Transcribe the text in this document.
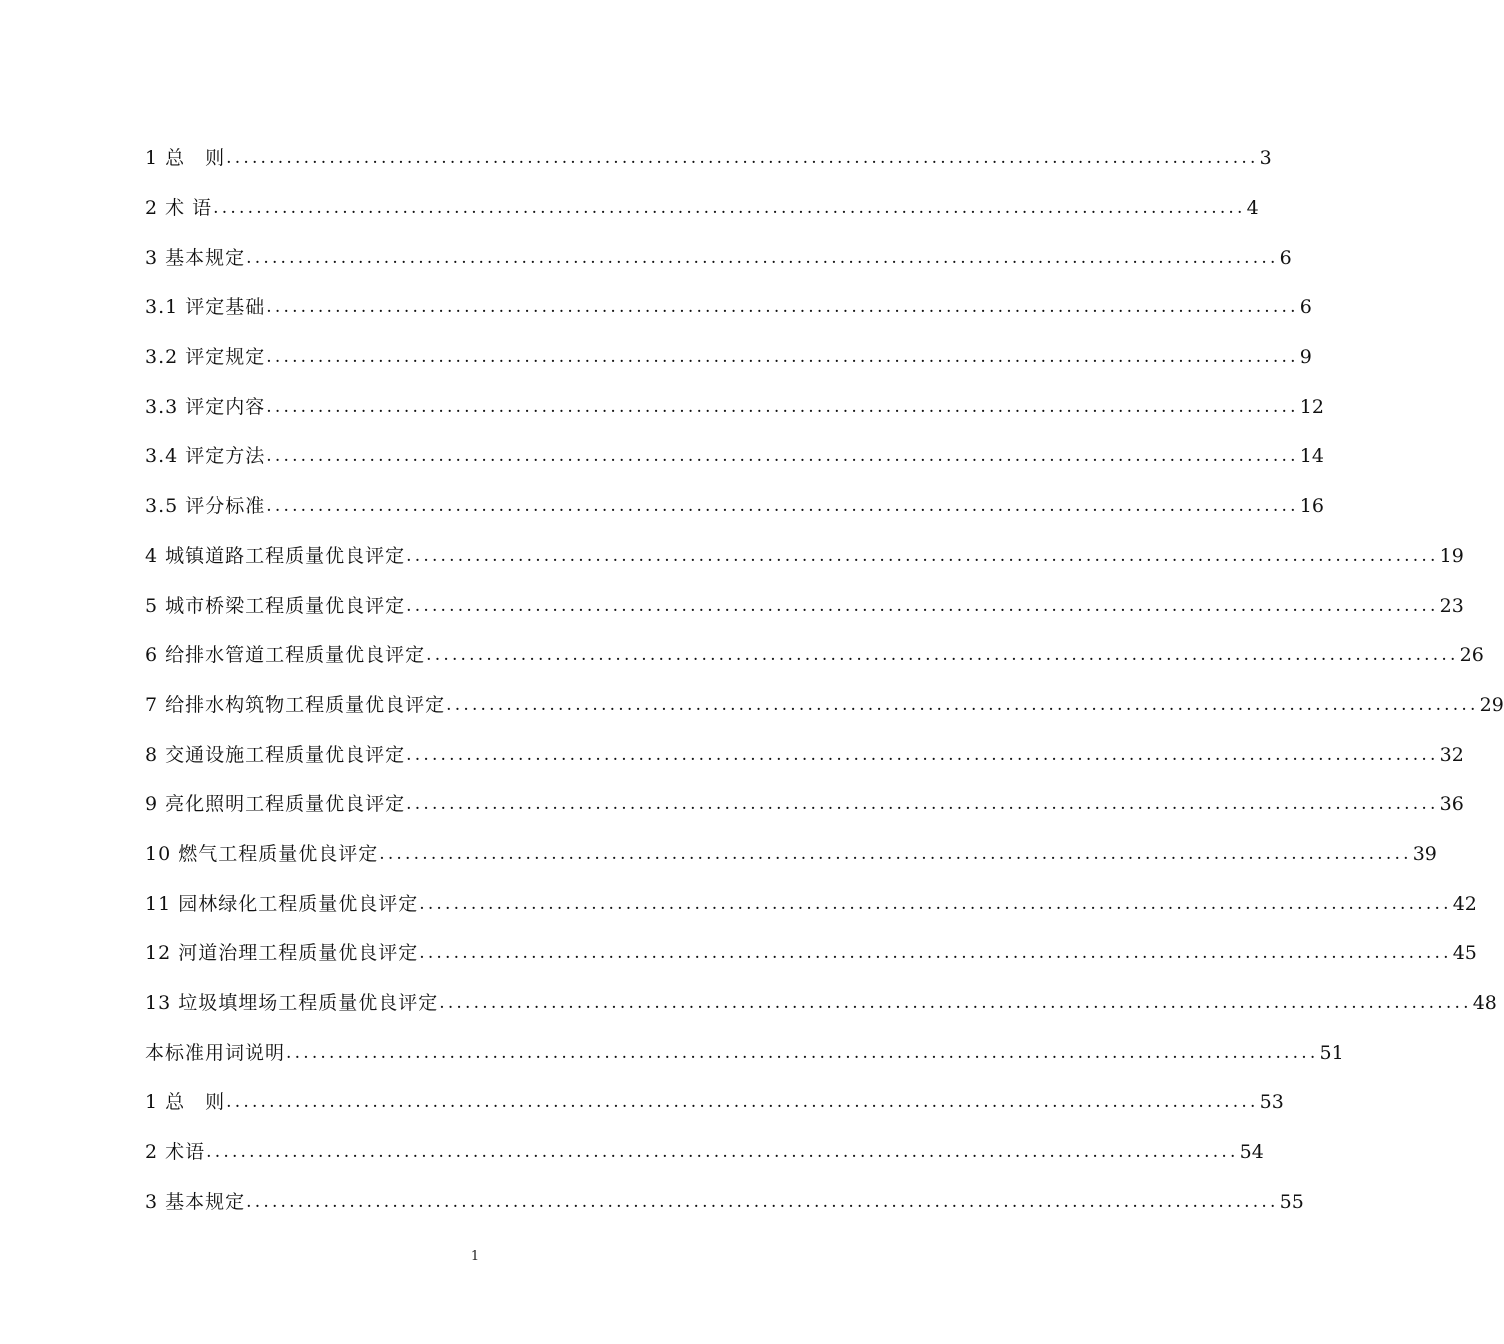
1 总　则 ........................................................................................................................ 3
2 术 语 ........................................................................................................................ 4
3 基本规定 ........................................................................................................................ 6
3.1 评定基础 ........................................................................................................................ 6
3.2 评定规定 ........................................................................................................................ 9
3.3 评定内容 ........................................................................................................................ 12
3.4 评定方法 ........................................................................................................................ 14
3.5 评分标准 ........................................................................................................................ 16
4 城镇道路工程质量优良评定 ........................................................................................................................ 19
5 城市桥梁工程质量优良评定 ........................................................................................................................ 23
6 给排水管道工程质量优良评定 ........................................................................................................................ 26
7 给排水构筑物工程质量优良评定 ........................................................................................................................ 29
8 交通设施工程质量优良评定 ........................................................................................................................ 32
9 亮化照明工程质量优良评定 ........................................................................................................................ 36
10 燃气工程质量优良评定 ........................................................................................................................ 39
11 园林绿化工程质量优良评定 ........................................................................................................................ 42
12 河道治理工程质量优良评定 ........................................................................................................................ 45
13 垃圾填埋场工程质量优良评定 ........................................................................................................................ 48
本标准用词说明 ........................................................................................................................ 51
1 总　则 ........................................................................................................................ 53
2 术语 ........................................................................................................................ 54
3 基本规定 ........................................................................................................................ 55
1
